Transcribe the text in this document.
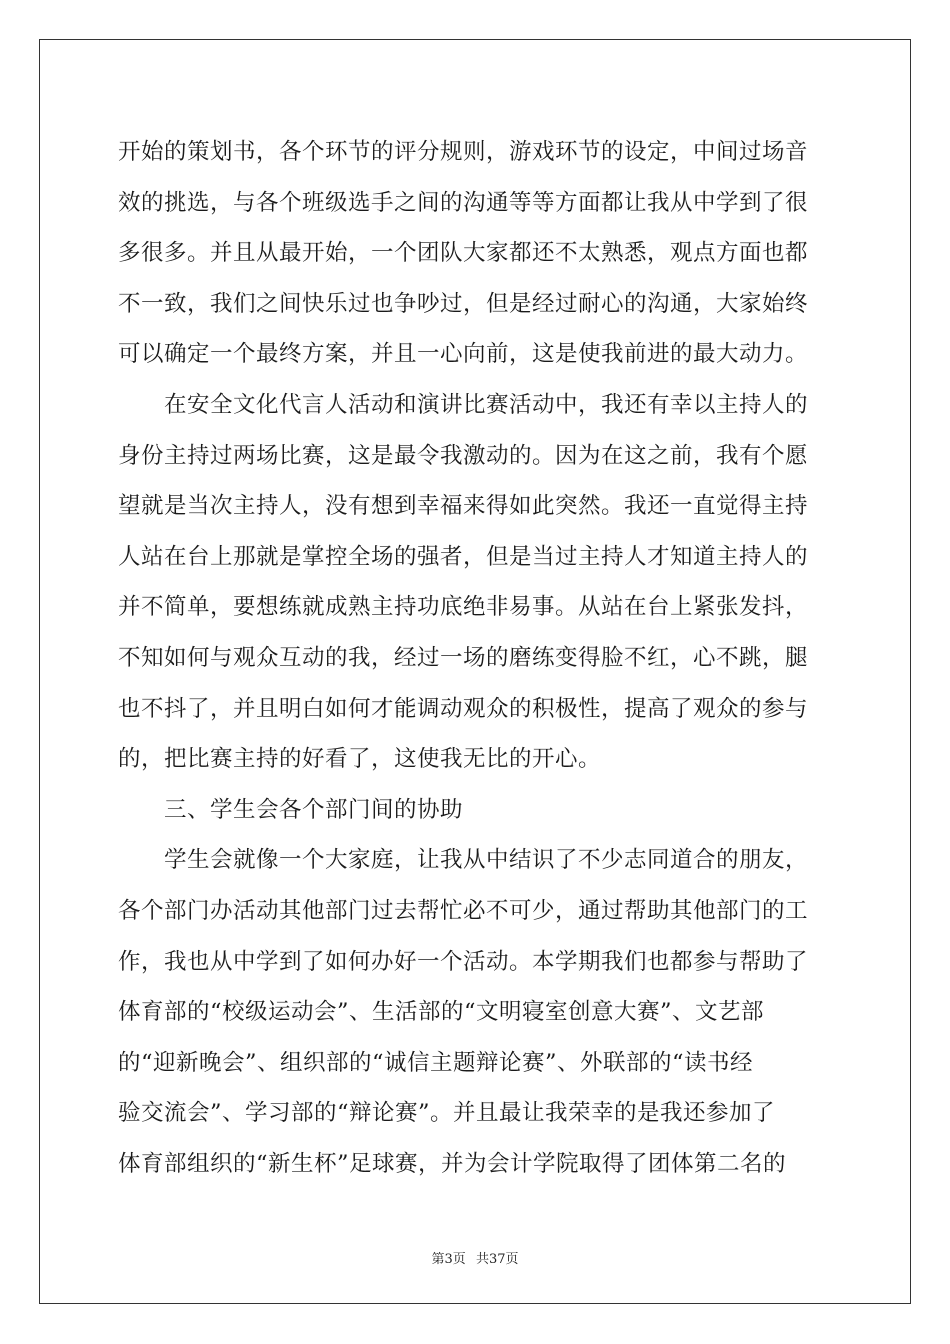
开始的策划书，各个环节的评分规则，游戏环节的设定，中间过场音
效的挑选，与各个班级选手之间的沟通等等方面都让我从中学到了很
多很多。并且从最开始，一个团队大家都还不太熟悉，观点方面也都
不一致，我们之间快乐过也争吵过，但是经过耐心的沟通，大家始终
可以确定一个最终方案，并且一心向前，这是使我前进的最大动力。
　　在安全文化代言人活动和演讲比赛活动中，我还有幸以主持人的
身份主持过两场比赛，这是最令我激动的。因为在这之前，我有个愿
望就是当次主持人，没有想到幸福来得如此突然。我还一直觉得主持
人站在台上那就是掌控全场的强者，但是当过主持人才知道主持人的
并不简单，要想练就成熟主持功底绝非易事。从站在台上紧张发抖，
不知如何与观众互动的我，经过一场的磨练变得脸不红，心不跳，腿
也不抖了，并且明白如何才能调动观众的积极性，提高了观众的参与
的，把比赛主持的好看了，这使我无比的开心。
　　三、学生会各个部门间的协助
　　学生会就像一个大家庭，让我从中结识了不少志同道合的朋友，
各个部门办活动其他部门过去帮忙必不可少，通过帮助其他部门的工
作，我也从中学到了如何办好一个活动。本学期我们也都参与帮助了
体育部的“校级运动会”、生活部的“文明寝室创意大赛”、文艺部
的“迎新晚会”、组织部的“诚信主题辩论赛”、外联部的“读书经
验交流会”、学习部的“辩论赛”。并且最让我荣幸的是我还参加了
体育部组织的“新生杯”足球赛，并为会计学院取得了团体第二名的
第3页 共37页
